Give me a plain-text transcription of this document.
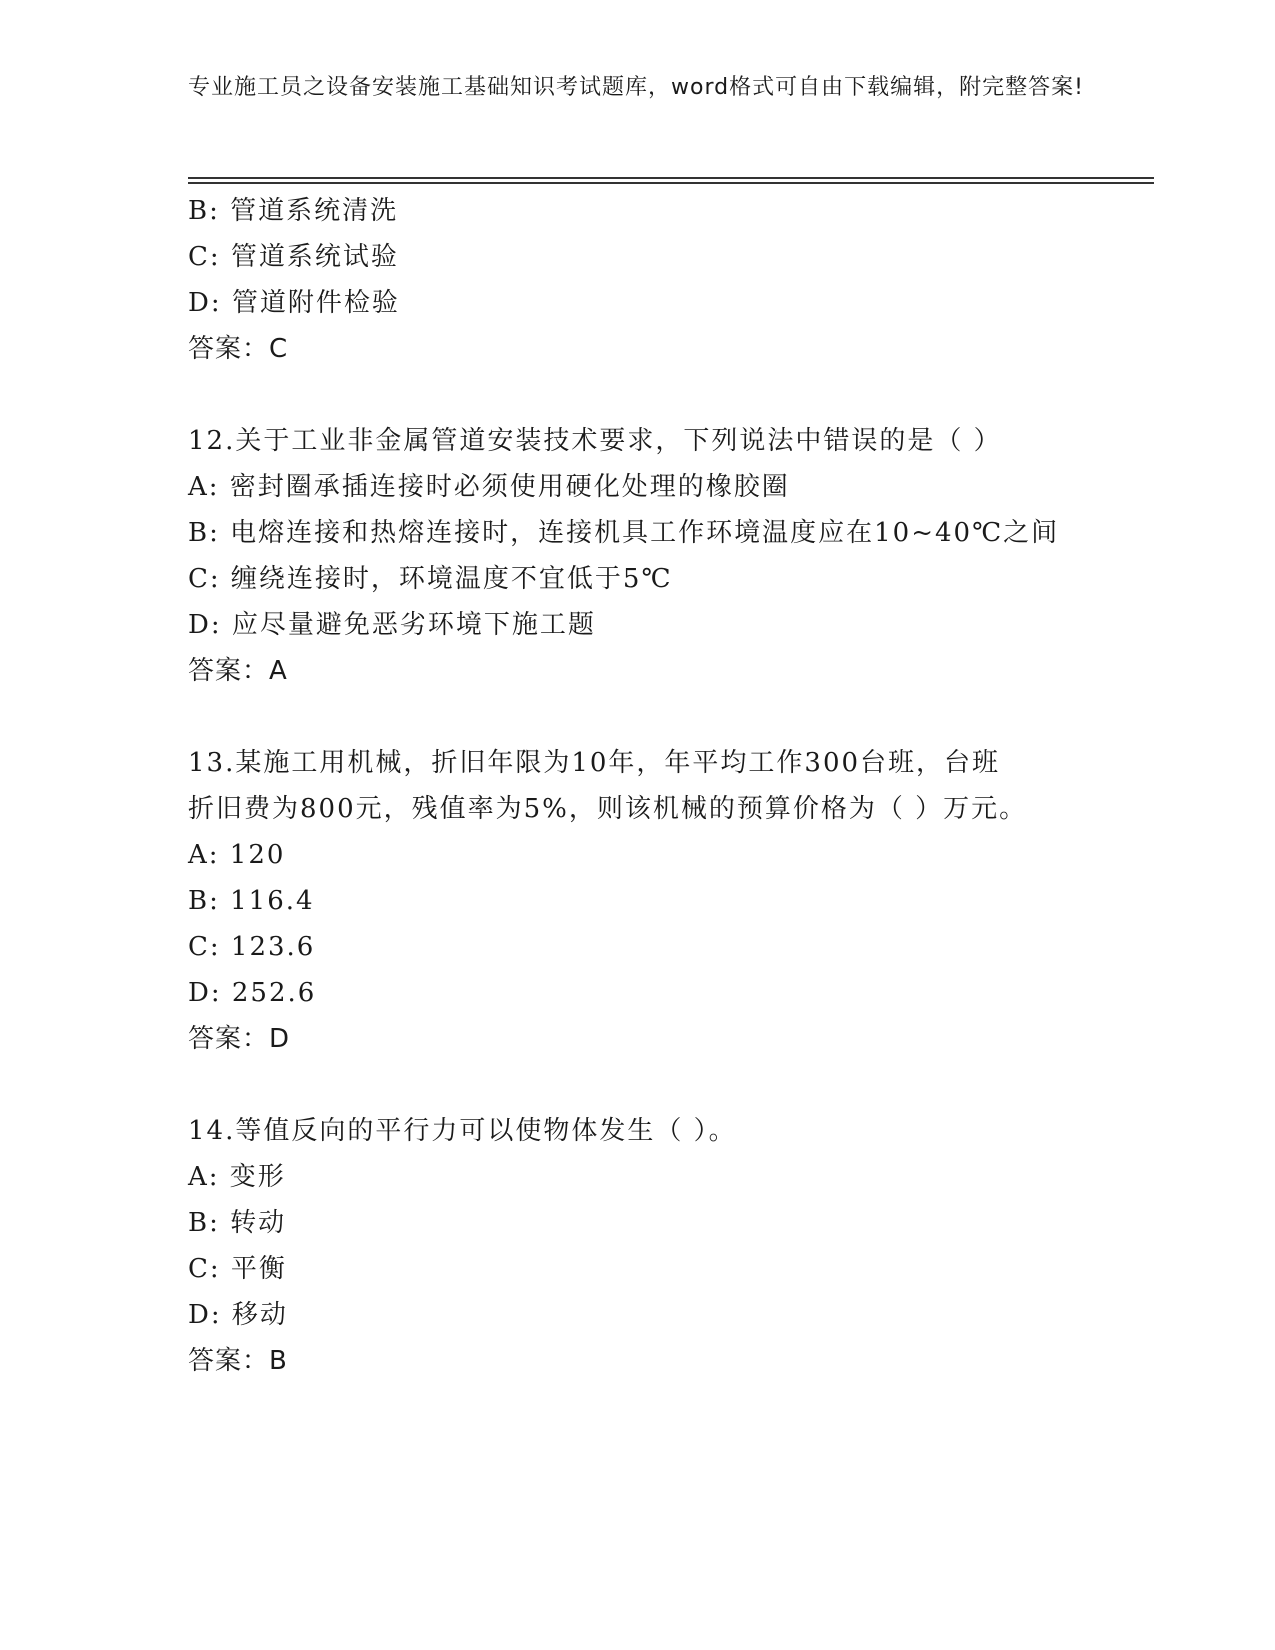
专业施工员之设备安装施工基础知识考试题库，word格式可自由下载编辑，附完整答案!
B: 管道系统清洗
C: 管道系统试验
D: 管道附件检验
答案：C
12.关于工业非金属管道安装技术要求，下列说法中错误的是（ ）
A: 密封圈承插连接时必须使用硬化处理的橡胶圈
B: 电熔连接和热熔连接时，连接机具工作环境温度应在10~40℃之间
C: 缠绕连接时，环境温度不宜低于5℃
D: 应尽量避免恶劣环境下施工题
答案：A
13.某施工用机械，折旧年限为10年，年平均工作300台班，台班折旧费为800元，残值率为5%，则该机械的预算价格为（ ）万元。
A: 120
B: 116.4
C: 123.6
D: 252.6
答案：D
14.等值反向的平行力可以使物体发生（ ）。
A: 变形
B: 转动
C: 平衡
D: 移动
答案：B
